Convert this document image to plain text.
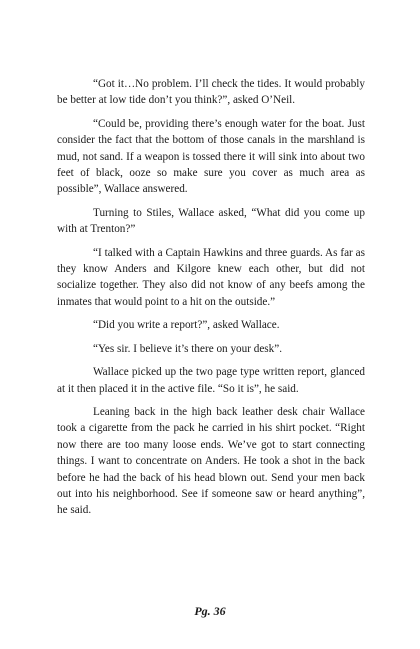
“Got it…No problem. I’ll check the tides. It would probably be better at low tide don’t you think?”, asked O’Neil.

“Could be, providing there’s enough water for the boat. Just consider the fact that the bottom of those canals in the marshland is mud, not sand. If a weapon is tossed there it will sink into about two feet of black, ooze so make sure you cover as much area as possible”, Wallace answered.

Turning to Stiles, Wallace asked, “What did you come up with at Trenton?”

“I talked with a Captain Hawkins and three guards. As far as they know Anders and Kilgore knew each other, but did not socialize together. They also did not know of any beefs among the inmates that would point to a hit on the outside.”

“Did you write a report?”, asked Wallace.

“Yes sir. I believe it’s there on your desk”.

Wallace picked up the two page type written report, glanced at it then placed it in the active file. “So it is”, he said.

Leaning back in the high back leather desk chair Wallace took a cigarette from the pack he carried in his shirt pocket. “Right now there are too many loose ends. We’ve got to start connecting things. I want to concentrate on Anders. He took a shot in the back before he had the back of his head blown out. Send your men back out into his neighborhood. See if someone saw or heard anything”, he said.

Pg. 36
